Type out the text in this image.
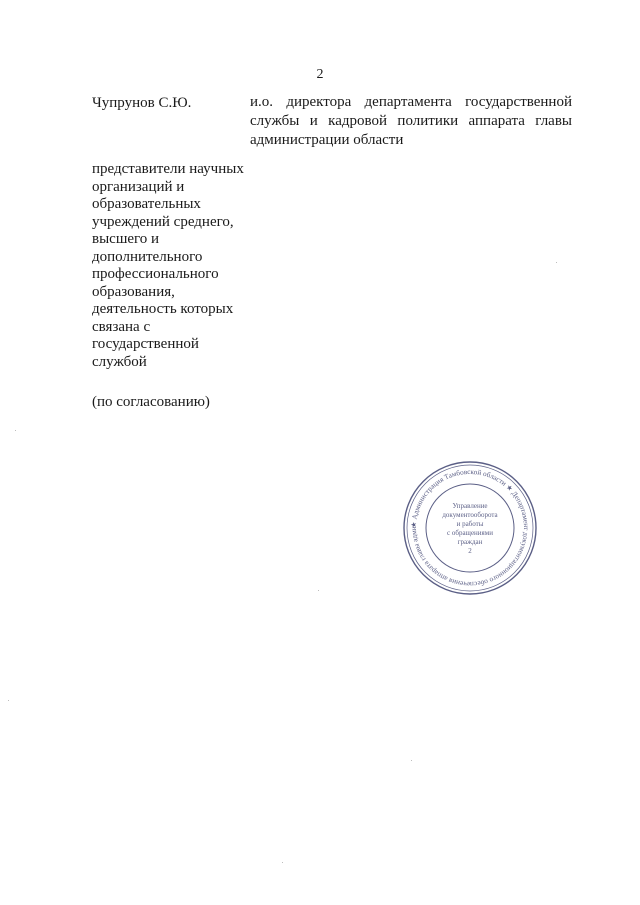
2
Чупрунов С.Ю.	и.о. директора департамента государственной службы и кадровой политики аппарата главы администрации области
представители научных организаций и образовательных учреждений среднего, высшего и дополнительного профессионального образования, деятельность которых связана с государственной службой
(по согласованию)
★ Администрация Тамбовской области ★ Департамент документационного обеспечения аппарата главы адми
Управление
документооборота
и работы
с обращениями
граждан
2
